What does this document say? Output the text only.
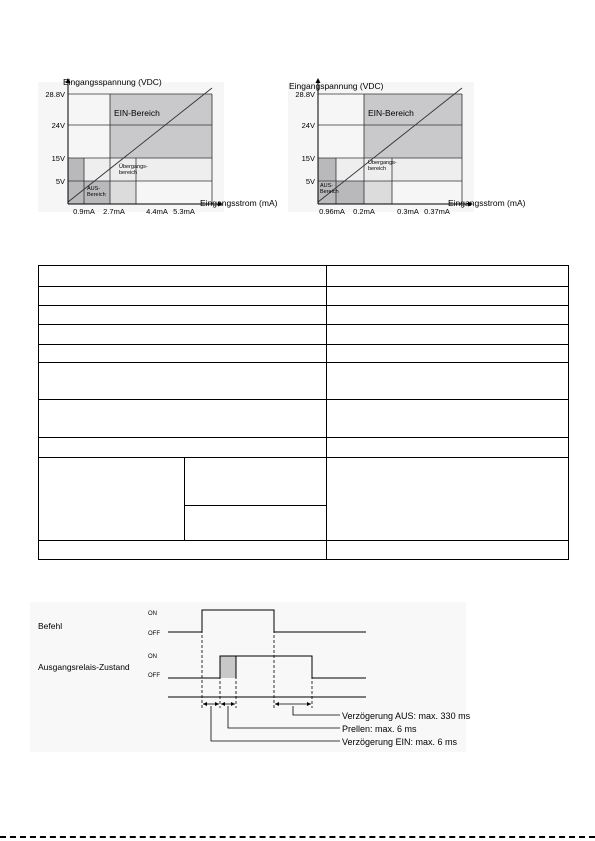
28.8V
24V
15V
5V
0.9mA 2.7mA	4.4mA 5.3mA
EIN-Bereich
Übergangs-bereich
AUS-Bereich
Eingangsspannung (VDC)
Eingangsstrom (mA)
28.8V
24V
15V
5V
0.96mA 0.2mA	0.3mA 0.37mA
EIN-Bereich
Übergangs-bereich
AUS-Bereich
Eingangspannung (VDC)
Eingangsstrom (mA)

ON
OFF
ON
OFF
Verzögerung AUS: max. 330 ms
Prellen: max. 6 ms
Verzögerung EIN: max. 6 ms
Befehl
Ausgangsrelais-Zustand
